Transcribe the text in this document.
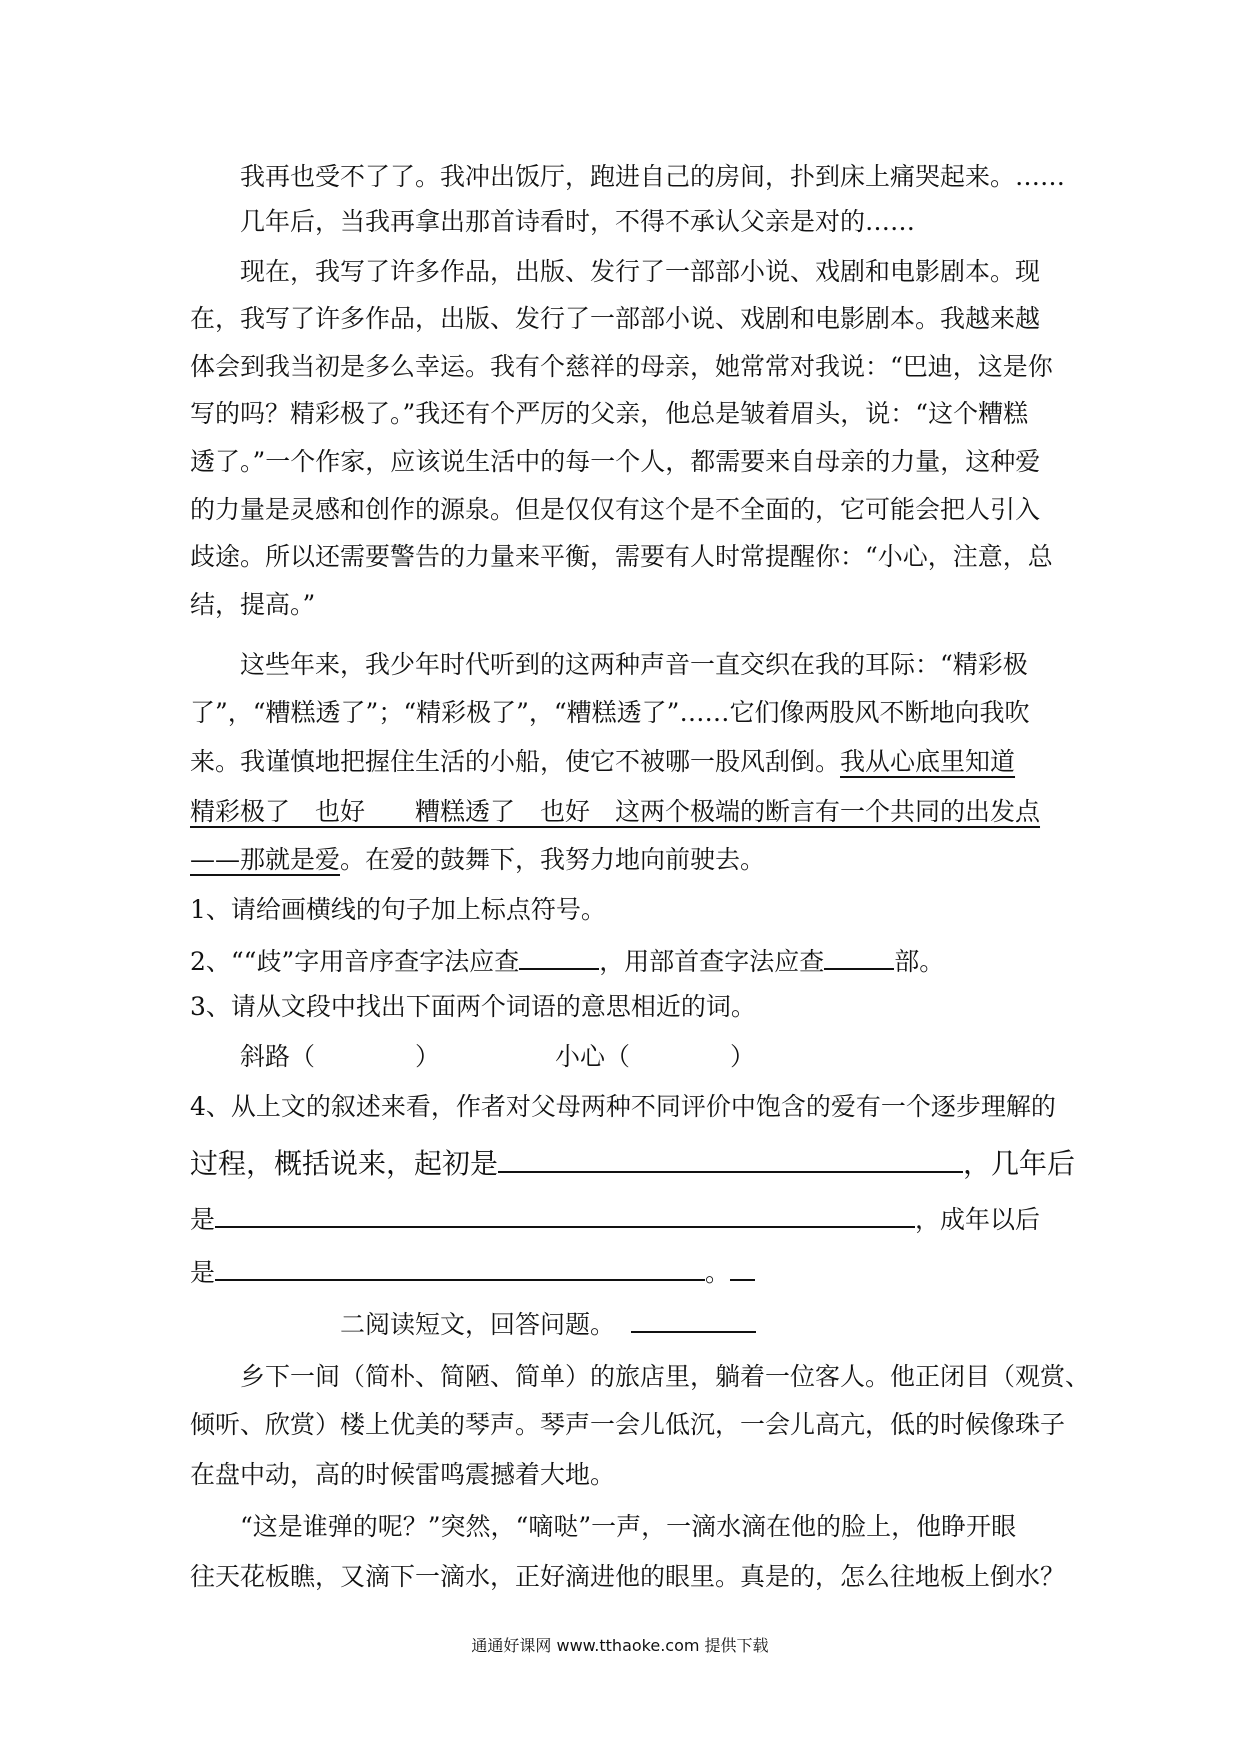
我再也受不了了。我冲出饭厅，跑进自己的房间，扑到床上痛哭起来。……
几年后，当我再拿出那首诗看时，不得不承认父亲是对的……
现在，我写了许多作品，出版、发行了一部部小说、戏剧和电影剧本。现
在，我写了许多作品，出版、发行了一部部小说、戏剧和电影剧本。我越来越
体会到我当初是多么幸运。我有个慈祥的母亲，她常常对我说：“巴迪，这是你
写的吗？精彩极了。”我还有个严厉的父亲，他总是皱着眉头，说：“这个糟糕
透了。”一个作家，应该说生活中的每一个人，都需要来自母亲的力量，这种爱
的力量是灵感和创作的源泉。但是仅仅有这个是不全面的，它可能会把人引入
歧途。所以还需要警告的力量来平衡，需要有人时常提醒你：“小心，注意，总
结，提高。”
这些年来，我少年时代听到的这两种声音一直交织在我的耳际：“精彩极
了”，“糟糕透了”；“精彩极了”，“糟糕透了”……它们像两股风不断地向我吹
来。我谨慎地把握住生活的小船，使它不被哪一股风刮倒。我从心底里知道
精彩极了　也好　　糟糕透了　也好　这两个极端的断言有一个共同的出发点
——那就是爱。在爱的鼓舞下，我努力地向前驶去。
1、请给画横线的句子加上标点符号。
2、““歧”字用音序查字法应查	，用部首查字法应查	部。
3、请从文段中找出下面两个词语的意思相近的词。
斜路（　　　　）	小心（　　　　）
4、从上文的叙述来看，作者对父母两种不同评价中饱含的爱有一个逐步理解的
过程，概括说来，起初是	，几年后
是	，成年以后
是	。
二阅读短文，回答问题。
乡下一间（简朴、简陋、简单）的旅店里，躺着一位客人。他正闭目（观赏、
倾听、欣赏）楼上优美的琴声。琴声一会儿低沉，一会儿高亢，低的时候像珠子
在盘中动，高的时候雷鸣震撼着大地。
“这是谁弹的呢？”突然，“嘀哒”一声，一滴水滴在他的脸上，他睁开眼
往天花板瞧，又滴下一滴水，正好滴进他的眼里。真是的，怎么往地板上倒水？
通通好课网 www.tthaoke.com 提供下载
